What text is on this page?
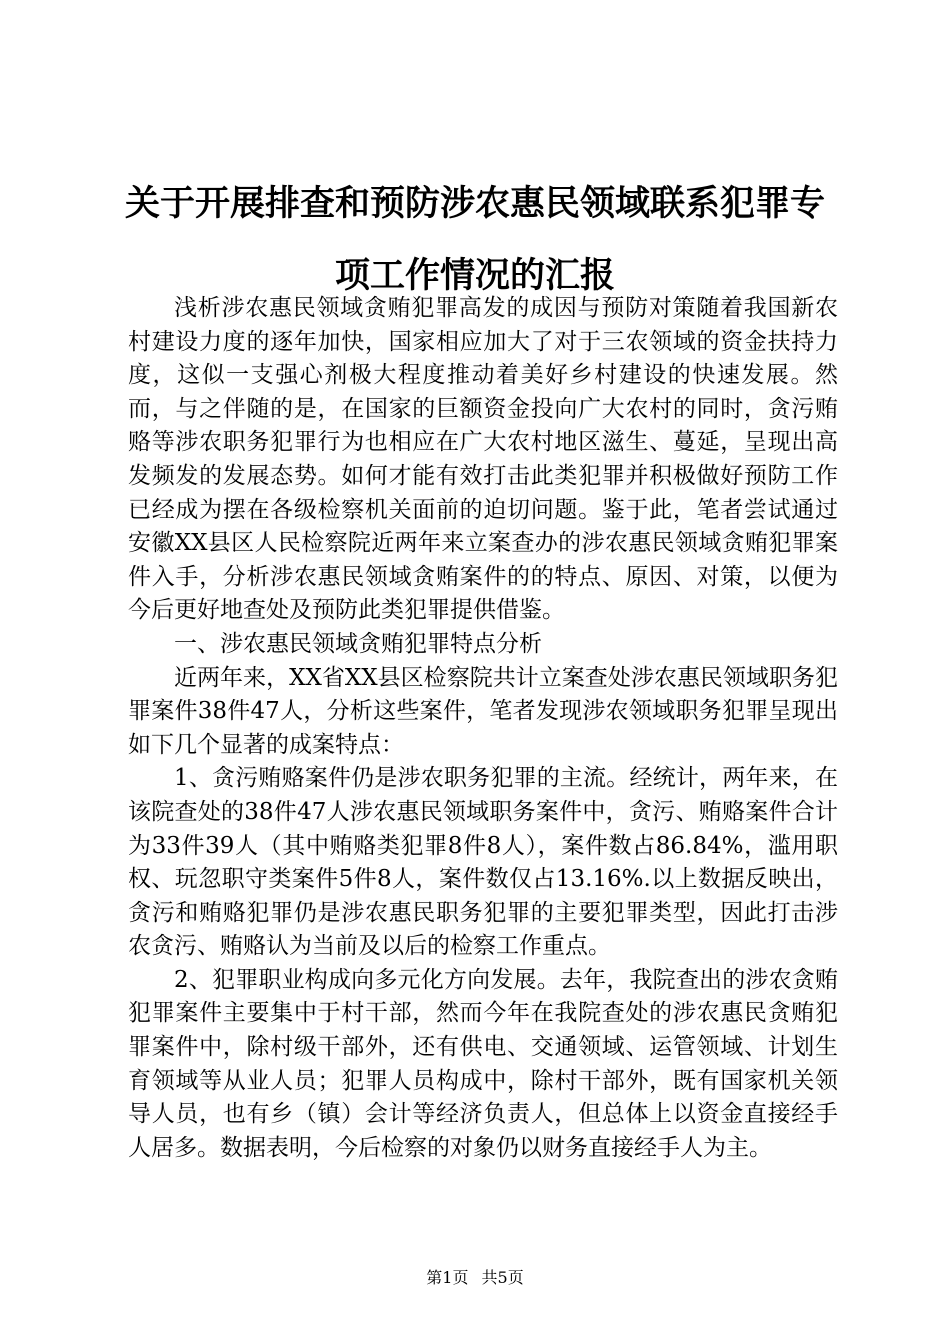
关于开展排查和预防涉农惠民领域联系犯罪专
项工作情况的汇报

浅析涉农惠民领域贪贿犯罪高发的成因与预防对策随着我国新农村建设力度的逐年加快，国家相应加大了对于三农领域的资金扶持力度，这似一支强心剂极大程度推动着美好乡村建设的快速发展。然而，与之伴随的是，在国家的巨额资金投向广大农村的同时，贪污贿赂等涉农职务犯罪行为也相应在广大农村地区滋生、蔓延，呈现出高发频发的发展态势。如何才能有效打击此类犯罪并积极做好预防工作已经成为摆在各级检察机关面前的迫切问题。鉴于此，笔者尝试通过安徽XX县区人民检察院近两年来立案查办的涉农惠民领域贪贿犯罪案件入手，分析涉农惠民领域贪贿案件的的特点、原因、对策，以便为今后更好地查处及预防此类犯罪提供借鉴。

一、涉农惠民领域贪贿犯罪特点分析

近两年来，XX省XX县区检察院共计立案查处涉农惠民领域职务犯罪案件38件47人，分析这些案件，笔者发现涉农领域职务犯罪呈现出如下几个显著的成案特点：

1、贪污贿赂案件仍是涉农职务犯罪的主流。经统计，两年来，在该院查处的38件47人涉农惠民领域职务案件中，贪污、贿赂案件合计为33件39人（其中贿赂类犯罪8件8人），案件数占86.84%，滥用职权、玩忽职守类案件5件8人，案件数仅占13.16%.以上数据反映出，贪污和贿赂犯罪仍是涉农惠民职务犯罪的主要犯罪类型，因此打击涉农贪污、贿赂认为当前及以后的检察工作重点。

2、犯罪职业构成向多元化方向发展。去年，我院查出的涉农贪贿犯罪案件主要集中于村干部，然而今年在我院查处的涉农惠民贪贿犯罪案件中，除村级干部外，还有供电、交通领域、运管领域、计划生育领域等从业人员；犯罪人员构成中，除村干部外，既有国家机关领导人员，也有乡（镇）会计等经济负责人，但总体上以资金直接经手人居多。数据表明，今后检察的对象仍以财务直接经手人为主。

第1页 共5页
